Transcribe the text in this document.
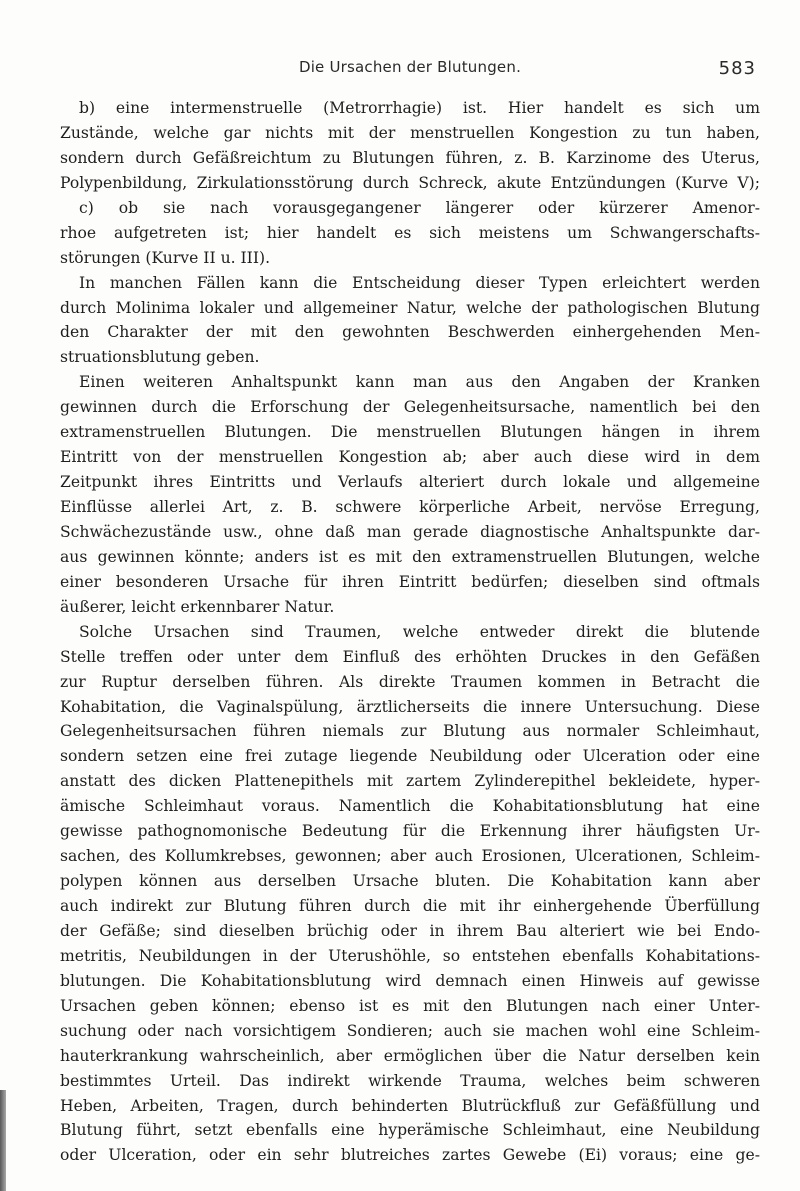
Die Ursachen der Blutungen.	583
b) eine intermenstruelle (Metrorrhagie) ist. Hier handelt es sich um
Zustände, welche gar nichts mit der menstruellen Kongestion zu tun haben,
sondern durch Gefäßreichtum zu Blutungen führen, z. B. Karzinome des Uterus,
Polypenbildung, Zirkulationsstörung durch Schreck, akute Entzündungen (Kurve V);
c) ob sie nach vorausgegangener längerer oder kürzerer Amenor-
rhoe aufgetreten ist; hier handelt es sich meistens um Schwangerschafts-
störungen (Kurve II u. III).
In manchen Fällen kann die Entscheidung dieser Typen erleichtert werden
durch Molinima lokaler und allgemeiner Natur, welche der pathologischen Blutung
den Charakter der mit den gewohnten Beschwerden einhergehenden Men-
struationsblutung geben.
Einen weiteren Anhaltspunkt kann man aus den Angaben der Kranken
gewinnen durch die Erforschung der Gelegenheitsursache, namentlich bei den
extramenstruellen Blutungen. Die menstruellen Blutungen hängen in ihrem
Eintritt von der menstruellen Kongestion ab; aber auch diese wird in dem
Zeitpunkt ihres Eintritts und Verlaufs alteriert durch lokale und allgemeine
Einflüsse allerlei Art, z. B. schwere körperliche Arbeit, nervöse Erregung,
Schwächezustände usw., ohne daß man gerade diagnostische Anhaltspunkte dar-
aus gewinnen könnte; anders ist es mit den extramenstruellen Blutungen, welche
einer besonderen Ursache für ihren Eintritt bedürfen; dieselben sind oftmals
äußerer, leicht erkennbarer Natur.
Solche Ursachen sind Traumen, welche entweder direkt die blutende
Stelle treffen oder unter dem Einfluß des erhöhten Druckes in den Gefäßen
zur Ruptur derselben führen. Als direkte Traumen kommen in Betracht die
Kohabitation, die Vaginalspülung, ärztlicherseits die innere Untersuchung. Diese
Gelegenheitsursachen führen niemals zur Blutung aus normaler Schleimhaut,
sondern setzen eine frei zutage liegende Neubildung oder Ulceration oder eine
anstatt des dicken Plattenepithels mit zartem Zylinderepithel bekleidete, hyper-
ämische Schleimhaut voraus. Namentlich die Kohabitationsblutung hat eine
gewisse pathognomonische Bedeutung für die Erkennung ihrer häufigsten Ur-
sachen, des Kollumkrebses, gewonnen; aber auch Erosionen, Ulcerationen, Schleim-
polypen können aus derselben Ursache bluten. Die Kohabitation kann aber
auch indirekt zur Blutung führen durch die mit ihr einhergehende Überfüllung
der Gefäße; sind dieselben brüchig oder in ihrem Bau alteriert wie bei Endo-
metritis, Neubildungen in der Uterushöhle, so entstehen ebenfalls Kohabitations-
blutungen. Die Kohabitationsblutung wird demnach einen Hinweis auf gewisse
Ursachen geben können; ebenso ist es mit den Blutungen nach einer Unter-
suchung oder nach vorsichtigem Sondieren; auch sie machen wohl eine Schleim-
hauterkrankung wahrscheinlich, aber ermöglichen über die Natur derselben kein
bestimmtes Urteil. Das indirekt wirkende Trauma, welches beim schweren
Heben, Arbeiten, Tragen, durch behinderten Blutrückfluß zur Gefäßfüllung und
Blutung führt, setzt ebenfalls eine hyperämische Schleimhaut, eine Neubildung
oder Ulceration, oder ein sehr blutreiches zartes Gewebe (Ei) voraus; eine ge-
